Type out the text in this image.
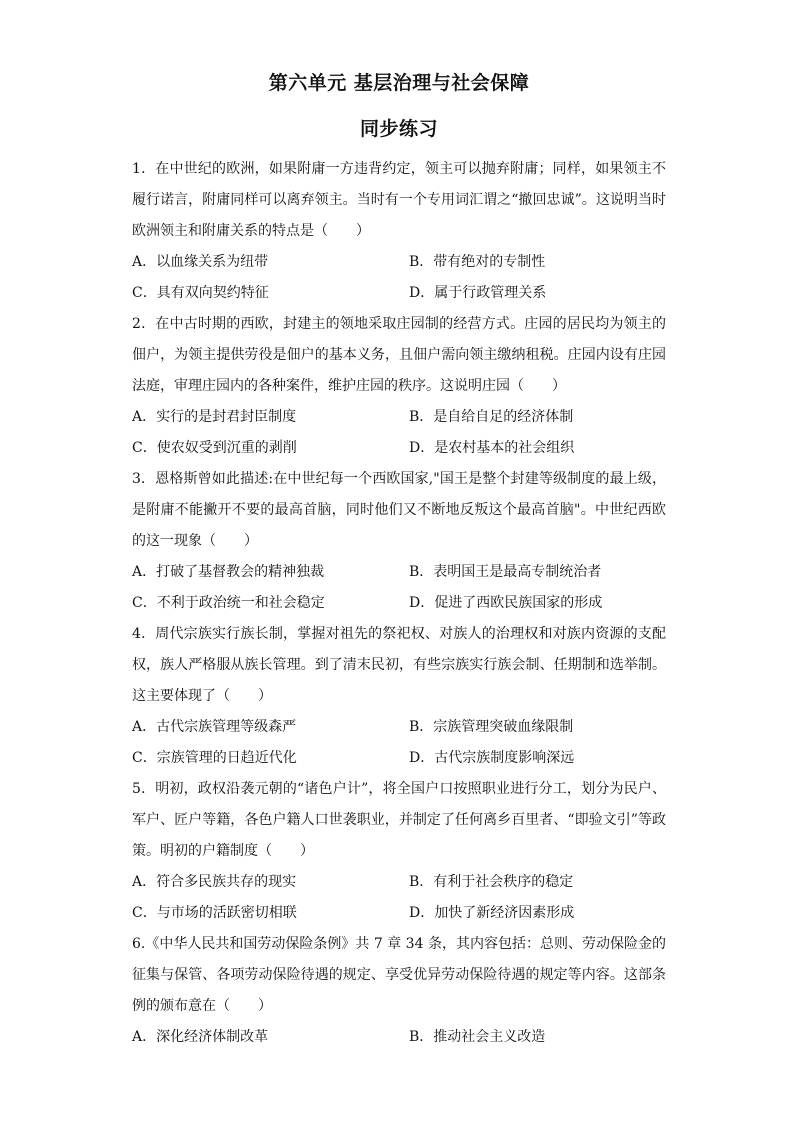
第六单元 基层治理与社会保障
同步练习

1．在中世纪的欧洲，如果附庸一方违背约定，领主可以抛弃附庸；同样，如果领主不履行诺言，附庸同样可以离弃领主。当时有一个专用词汇谓之“撤回忠诚”。这说明当时欧洲领主和附庸关系的特点是（　　）

A．以血缘关系为纽带	B．带有绝对的专制性
C．具有双向契约特征	D．属于行政管理关系

2．在中古时期的西欧，封建主的领地采取庄园制的经营方式。庄园的居民均为领主的佃户，为领主提供劳役是佃户的基本义务，且佃户需向领主缴纳租税。庄园内设有庄园法庭，审理庄园内的各种案件，维护庄园的秩序。这说明庄园（　　）

A．实行的是封君封臣制度	B．是自给自足的经济体制
C．使农奴受到沉重的剥削	D．是农村基本的社会组织

3．恩格斯曾如此描述:在中世纪每一个西欧国家,"国王是整个封建等级制度的最上级，是附庸不能撇开不要的最高首脑，同时他们又不断地反叛这个最高首脑"。中世纪西欧的这一现象（　　）

A．打破了基督教会的精神独裁	B．表明国王是最高专制统治者
C．不利于政治统一和社会稳定	D．促进了西欧民族国家的形成

4．周代宗族实行族长制，掌握对祖先的祭祀权、对族人的治理权和对族内资源的支配权，族人严格服从族长管理。到了清末民初，有些宗族实行族会制、任期制和选举制。这主要体现了（　　）

A．古代宗族管理等级森严	B．宗族管理突破血缘限制
C．宗族管理的日趋近代化	D．古代宗族制度影响深远

5．明初，政权沿袭元朝的“诸色户计”，将全国户口按照职业进行分工，划分为民户、军户、匠户等籍，各色户籍人口世袭职业，并制定了任何离乡百里者、“即验文引”等政策。明初的户籍制度（　　）

A．符合多民族共存的现实	B．有利于社会秩序的稳定
C．与市场的活跃密切相联	D．加快了新经济因素形成

6.《中华人民共和国劳动保险条例》共 7 章 34 条，其内容包括：总则、劳动保险金的征集与保管、各项劳动保险待遇的规定、享受优异劳动保险待遇的规定等内容。这部条例的颁布意在（　　）

A．深化经济体制改革	B．推动社会主义改造
